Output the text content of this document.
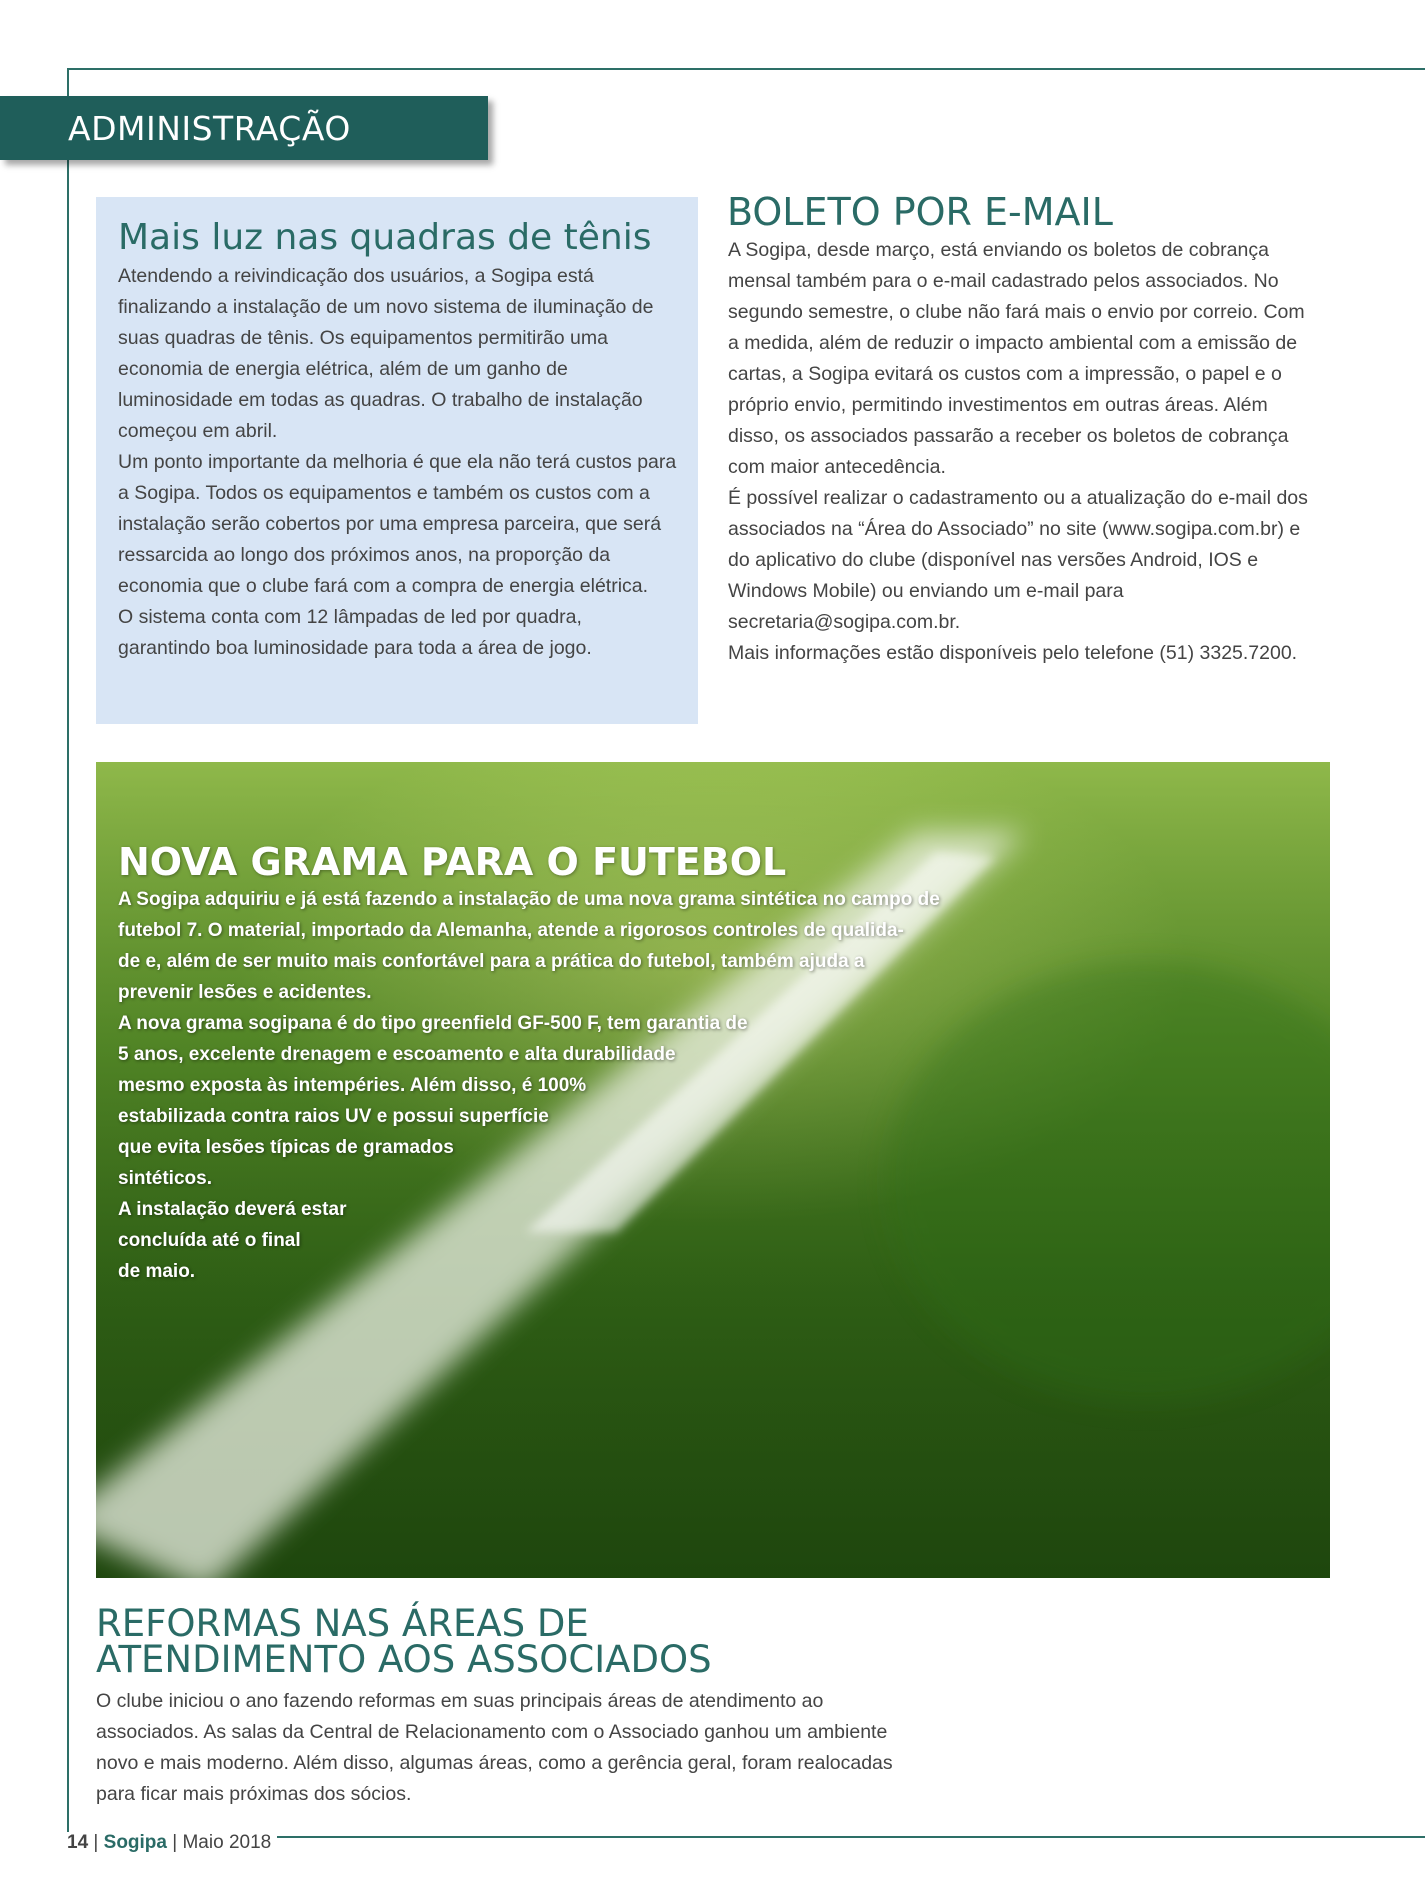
ADMINISTRAÇÃO
Mais luz nas quadras de tênis

Atendendo a reivindicação dos usuários, a Sogipa está finalizando a instalação de um novo sistema de iluminação de suas quadras de tênis. Os equipamentos permitirão uma economia de energia elétrica, além de um ganho de luminosidade em todas as quadras. O trabalho de instalação começou em abril.

Um ponto importante da melhoria é que ela não terá custos para a Sogipa. Todos os equipamentos e também os custos com a instalação serão cobertos por uma empresa parceira, que será ressarcida ao longo dos próximos anos, na proporção da economia que o clube fará com a compra de energia elétrica.

O sistema conta com 12 lâmpadas de led por quadra, garantindo boa luminosidade para toda a área de jogo.

BOLETO POR E-MAIL

A Sogipa, desde março, está enviando os boletos de cobrança mensal também para o e-mail cadastrado pelos associados. No segundo semestre, o clube não fará mais o envio por correio. Com a medida, além de reduzir o impacto ambiental com a emissão de cartas, a Sogipa evitará os custos com a impressão, o papel e o próprio envio, permitindo investimentos em outras áreas. Além disso, os associados passarão a receber os boletos de cobrança com maior antecedência.

É possível realizar o cadastramento ou a atualização do e-mail dos associados na “Área do Associado” no site (www.sogipa.com.br) e do aplicativo do clube (disponível nas versões Android, IOS e Windows Mobile) ou enviando um e-mail para secretaria@sogipa.com.br.

Mais informações estão disponíveis pelo telefone (51) 3325.7200.

NOVA GRAMA PARA O FUTEBOL
A Sogipa adquiriu e já está fazendo a instalação de uma nova grama sintética no campo de
futebol 7. O material, importado da Alemanha, atende a rigorosos controles de qualida-
de e, além de ser muito mais confortável para a prática do futebol, também ajuda a
prevenir lesões e acidentes.
A nova grama sogipana é do tipo greenfield GF-500 F, tem garantia de
5 anos, excelente drenagem e escoamento e alta durabilidade
mesmo exposta às intempéries. Além disso, é 100%
estabilizada contra raios UV e possui superfície
que evita lesões típicas de gramados
sintéticos.
A instalação deverá estar
concluída até o final
de maio.
REFORMAS NAS ÁREAS DE
ATENDIMENTO AOS ASSOCIADOS

O clube iniciou o ano fazendo reformas em suas principais áreas de atendimento ao associados. As salas da Central de Relacionamento com o Associado ganhou um ambiente novo e mais moderno. Além disso, algumas áreas, como a gerência geral, foram realocadas para ficar mais próximas dos sócios.

14 | Sogipa | Maio 2018
